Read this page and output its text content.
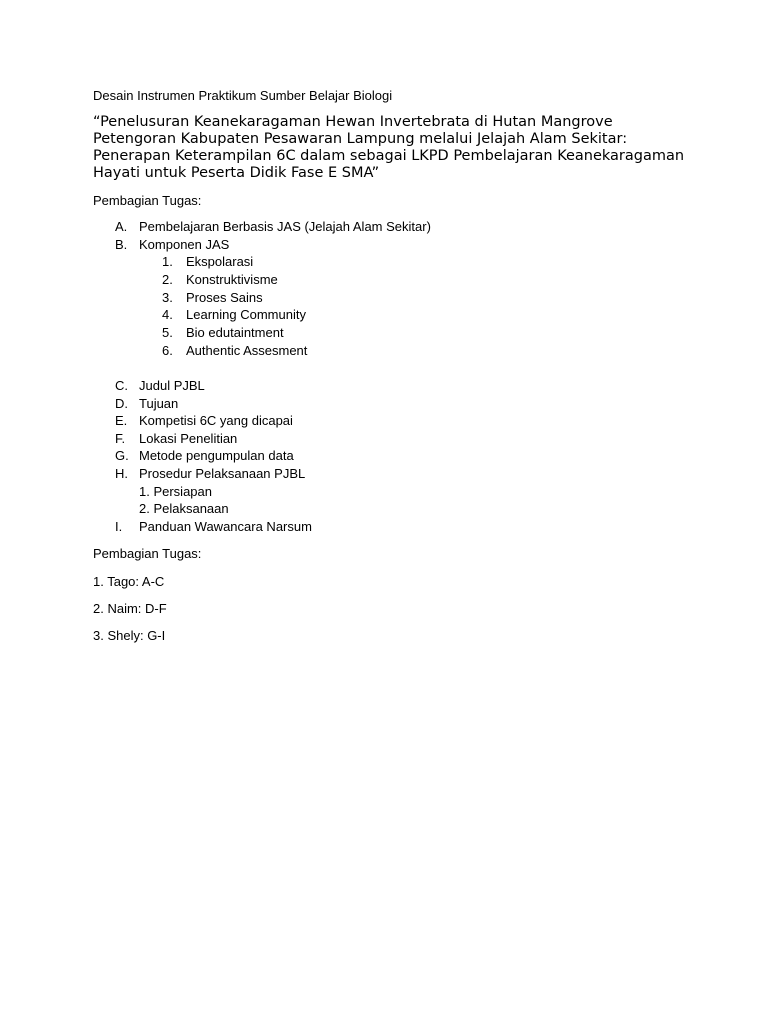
Desain Instrumen Praktikum Sumber Belajar Biologi
“Penelusuran Keanekaragaman Hewan Invertebrata di Hutan Mangrove
Petengoran Kabupaten Pesawaran Lampung melalui Jelajah Alam Sekitar:
Penerapan Keterampilan 6C dalam sebagai LKPD Pembelajaran Keanekaragaman
Hayati untuk Peserta Didik Fase E SMA”
Pembagian Tugas:
A. Pembelajaran Berbasis JAS (Jelajah Alam Sekitar)
B. Komponen JAS
1. Ekspolarasi
2. Konstruktivisme
3. Proses Sains
4. Learning Community
5. Bio edutaintment
6. Authentic Assesment
C. Judul PJBL
D. Tujuan
E. Kompetisi 6C yang dicapai
F. Lokasi Penelitian
G. Metode pengumpulan data
H. Prosedur Pelaksanaan PJBL
1. Persiapan
2. Pelaksanaan
I. Panduan Wawancara Narsum
Pembagian Tugas:
1. Tago: A-C
2. Naim: D-F
3. Shely: G-I
